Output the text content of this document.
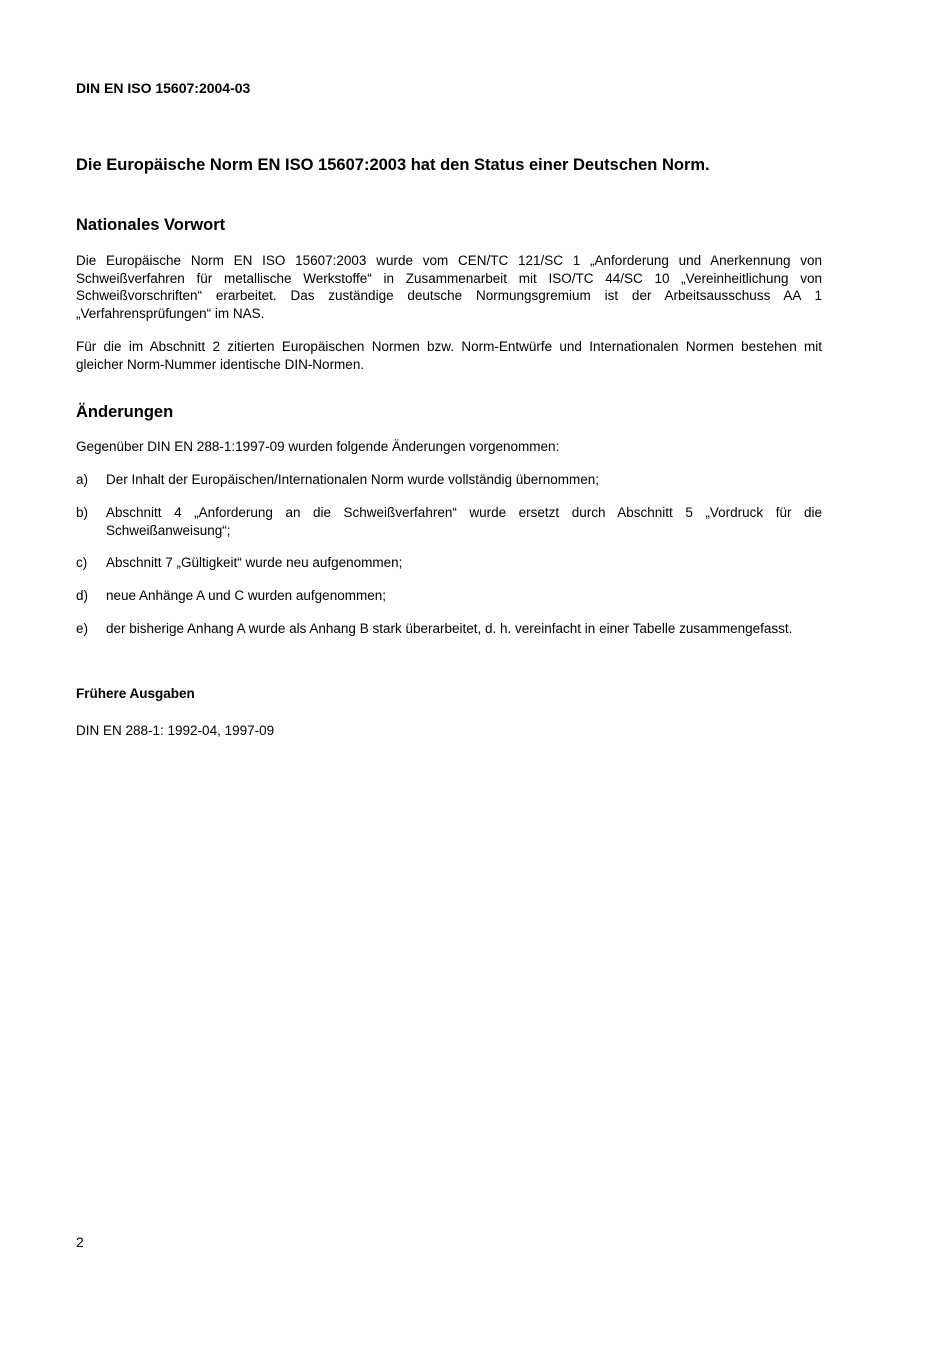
DIN EN ISO 15607:2004-03
Die Europäische Norm EN ISO 15607:2003 hat den Status einer Deutschen Norm.
Nationales Vorwort
Die Europäische Norm EN ISO 15607:2003 wurde vom CEN/TC 121/SC 1 „Anforderung und Anerkennung von Schweißverfahren für metallische Werkstoffe“ in Zusammenarbeit mit ISO/TC 44/SC 10 „Vereinheitlichung von Schweißvorschriften“ erarbeitet. Das zuständige deutsche Normungsgremium ist der Arbeitsausschuss AA 1 „Verfahrensprüfungen“ im NAS.
Für die im Abschnitt 2 zitierten Europäischen Normen bzw. Norm-Entwürfe und Internationalen Normen bestehen mit gleicher Norm-Nummer identische DIN-Normen.
Änderungen
Gegenüber DIN EN 288-1:1997-09 wurden folgende Änderungen vorgenommen:
a) Der Inhalt der Europäischen/Internationalen Norm wurde vollständig übernommen;
b) Abschnitt 4 „Anforderung an die Schweißverfahren“ wurde ersetzt durch Abschnitt 5 „Vordruck für die Schweißanweisung“;
c) Abschnitt 7 „Gültigkeit“ wurde neu aufgenommen;
d) neue Anhänge A und C wurden aufgenommen;
e) der bisherige Anhang A wurde als Anhang B stark überarbeitet, d. h. vereinfacht in einer Tabelle zusammengefasst.
Frühere Ausgaben
DIN EN 288-1: 1992-04, 1997-09
2
